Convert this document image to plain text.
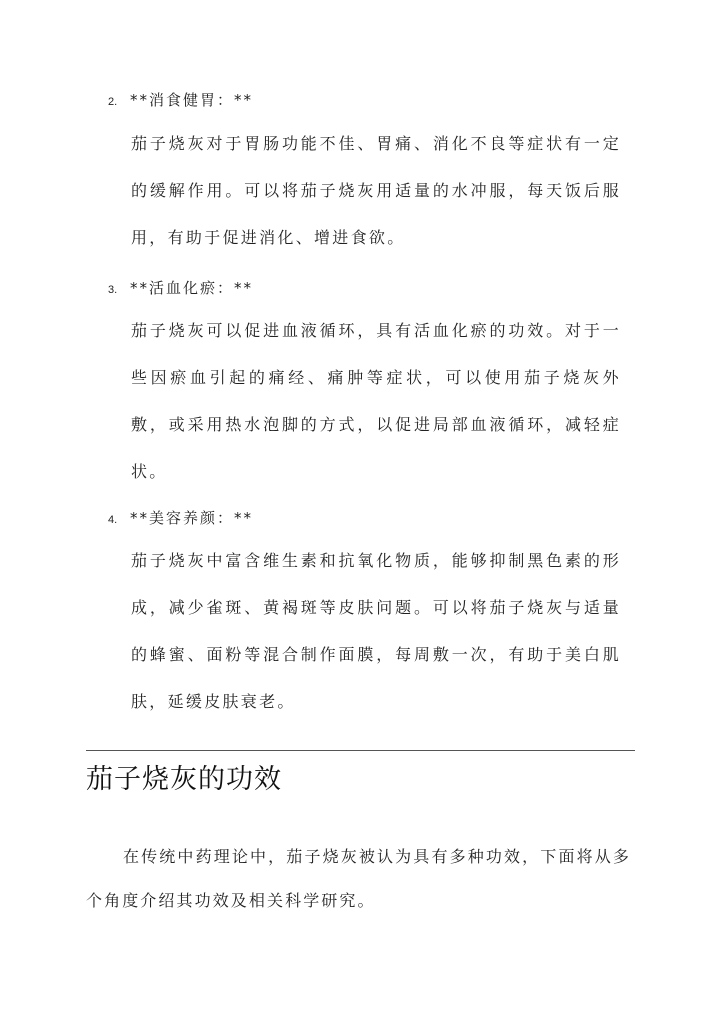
2. **消食健胃：**
茄子烧灰对于胃肠功能不佳、胃痛、消化不良等症状有一定的缓解作用。可以将茄子烧灰用适量的水冲服，每天饭后服用，有助于促进消化、增进食欲。
3. **活血化瘀：**
茄子烧灰可以促进血液循环，具有活血化瘀的功效。对于一些因瘀血引起的痛经、痛肿等症状，可以使用茄子烧灰外敷，或采用热水泡脚的方式，以促进局部血液循环，减轻症状。
4. **美容养颜：**
茄子烧灰中富含维生素和抗氧化物质，能够抑制黑色素的形成，减少雀斑、黄褐斑等皮肤问题。可以将茄子烧灰与适量的蜂蜜、面粉等混合制作面膜，每周敷一次，有助于美白肌肤，延缓皮肤衰老。
茄子烧灰的功效

在传统中药理论中，茄子烧灰被认为具有多种功效，下面将从多个角度介绍其功效及相关科学研究。
